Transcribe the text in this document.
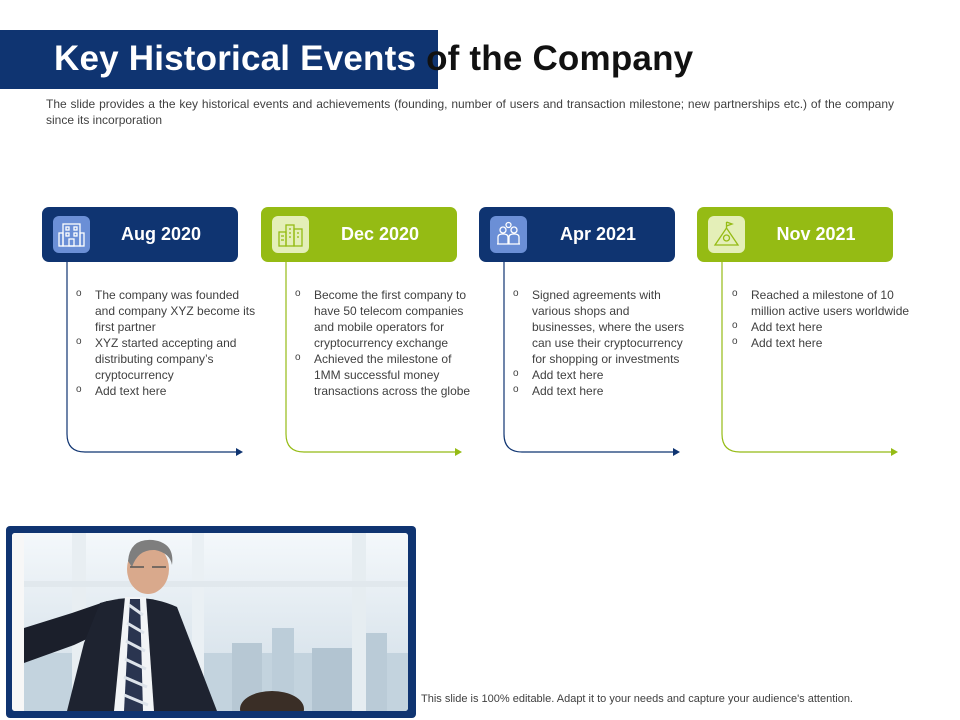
Key Historical Events of the Company

The slide provides a the key historical events and achievements (founding, number of users and transaction milestone; new partnerships etc.) of the company since its incorporation

Aug 2020
o The company was founded and company XYZ become its first partner
o XYZ started accepting and distributing company’s cryptocurrency
o Add text here
Dec 2020
o Become the first company to have 50 telecom companies and mobile operators for cryptocurrency exchange
o Achieved the milestone of 1MM successful money transactions across the globe
Apr 2021
o Signed agreements with various shops and businesses, where the users can use their cryptocurrency for shopping or investments
o Add text here
o Add text here
Nov 2021
o Reached a milestone of 10 million active users worldwide
o Add text here
o Add text here

This slide is 100% editable. Adapt it to your needs and capture your audience's attention.
